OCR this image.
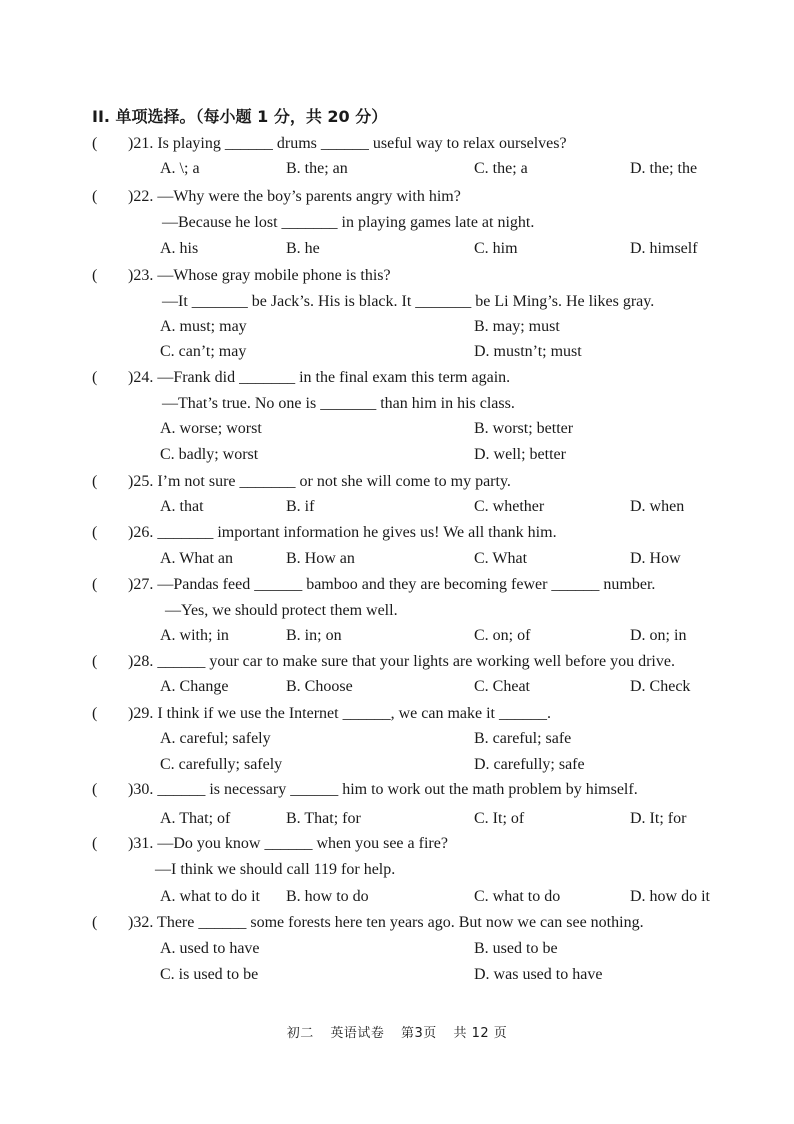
II. 单项选择。（每小题 1 分，共 20 分）
( )21. Is playing ______ drums ______ useful way to relax ourselves?
A. \; a	B. the; an	C. the; a	D. the; the
( )22. —Why were the boy’s parents angry with him?
—Because he lost _______ in playing games late at night.
A. his	B. he	C. him	D. himself
( )23. —Whose gray mobile phone is this?
—It _______ be Jack’s. His is black. It _______ be Li Ming’s. He likes gray.
A. must; may	B. may; must
C. can’t; may	D. mustn’t; must
( )24. —Frank did _______ in the final exam this term again.
—That’s true. No one is _______ than him in his class.
A. worse; worst	B. worst; better
C. badly; worst	D. well; better
( )25. I’m not sure _______ or not she will come to my party.
A. that	B. if	C. whether	D. when
( )26. _______ important information he gives us! We all thank him.
A. What an	B. How an	C. What	D. How
( )27. —Pandas feed ______ bamboo and they are becoming fewer ______ number.
—Yes, we should protect them well.
A. with; in	B. in; on	C. on; of	D. on; in
( )28. ______ your car to make sure that your lights are working well before you drive.
A. Change	B. Choose	C. Cheat	D. Check
( )29. I think if we use the Internet ______, we can make it ______.
A. careful; safely	B. careful; safe
C. carefully; safely	D. carefully; safe
( )30. ______ is necessary ______ him to work out the math problem by himself.
A. That; of	B. That; for	C. It; of	D. It; for
( )31. —Do you know ______ when you see a fire?
—I think we should call 119 for help.
A. what to do it B. how to do	C. what to do	D. how do it
( )32. There ______ some forests here ten years ago. But now we can see nothing.
A. used to have	B. used to be
C. is used to be	D. was used to have
初二 英语试卷 第3页 共 12 页
